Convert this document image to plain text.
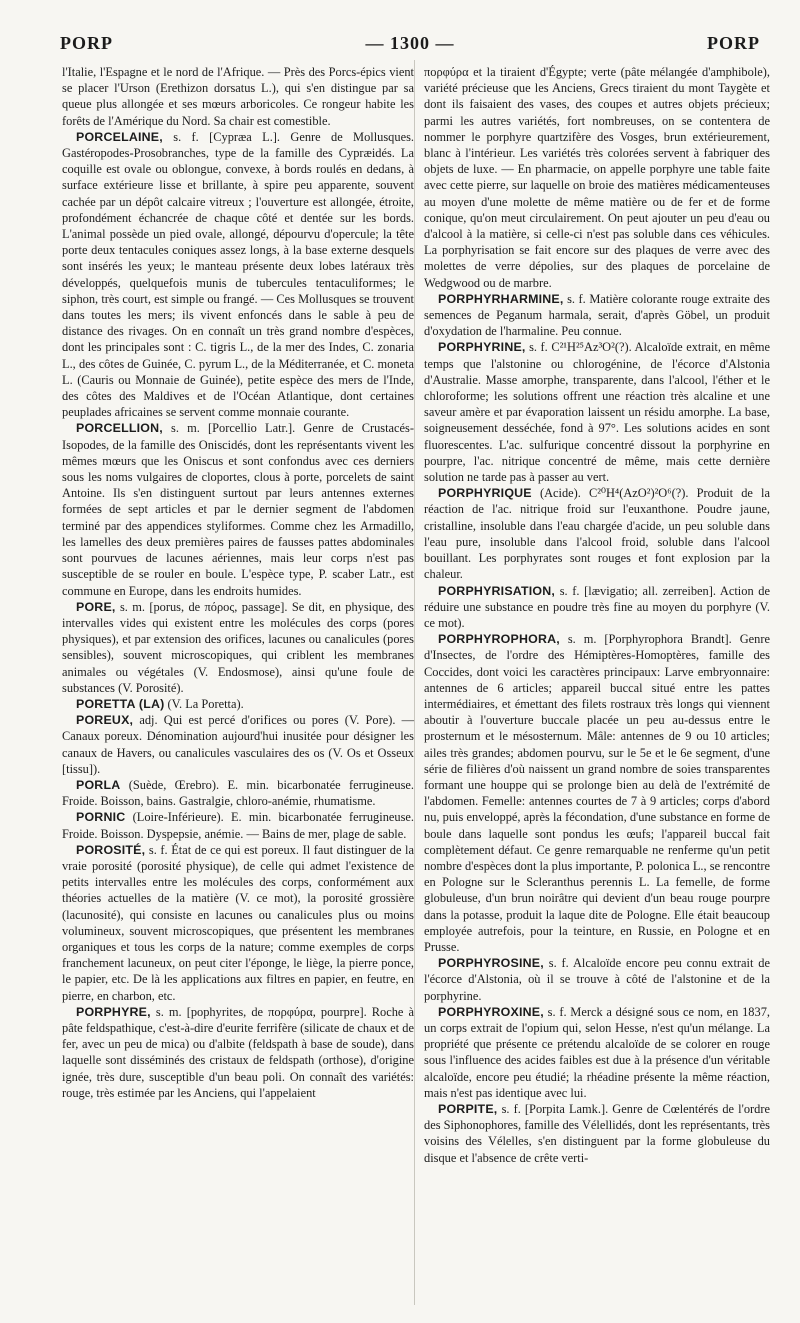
PORP	— 1300 —	PORP

l'Italie, l'Espagne et le nord de l'Afrique. — Près des Porcs-épics vient se placer l'Urson (Erethizon dorsatus L.), qui s'en distingue par sa queue plus allongée et ses mœurs arboricoles. Ce rongeur habite les forêts de l'Amérique du Nord. Sa chair est comestible.

PORCELAINE, s. f. [Cypræa L.]. Genre de Mollusques. Gastéropodes-Prosobranches, type de la famille des Cypræidés. La coquille est ovale ou oblongue, convexe, à bords roulés en dedans, à surface extérieure lisse et brillante, à spire peu apparente, souvent cachée par un dépôt calcaire vitreux ; l'ouverture est allongée, étroite, profondément échancrée de chaque côté et dentée sur les bords. L'animal possède un pied ovale, allongé, dépourvu d'opercule; la tête porte deux tentacules coniques assez longs, à la base externe desquels sont insérés les yeux; le manteau présente deux lobes latéraux très développés, quelquefois munis de tubercules tentaculiformes; le siphon, très court, est simple ou frangé. — Ces Mollusques se trouvent dans toutes les mers; ils vivent enfoncés dans le sable à peu de distance des rivages. On en connaît un très grand nombre d'espèces, dont les principales sont : C. tigris L., de la mer des Indes, C. zonaria L., des côtes de Guinée, C. pyrum L., de la Méditerranée, et C. moneta L. (Cauris ou Monnaie de Guinée), petite espèce des mers de l'Inde, des côtes des Maldives et de l'Océan Atlantique, dont certaines peuplades africaines se servent comme monnaie courante.

PORCELLION, s. m. [Porcellio Latr.]. Genre de Crustacés-Isopodes, de la famille des Oniscidés, dont les représentants vivent les mêmes mœurs que les Oniscus et sont confondus avec ces derniers sous les noms vulgaires de cloportes, clous à porte, porcelets de saint Antoine. Ils s'en distinguent surtout par leurs antennes externes formées de sept articles et par le dernier segment de l'abdomen terminé par des appendices styliformes. Comme chez les Armadillo, les lamelles des deux premières paires de fausses pattes abdominales sont pourvues de lacunes aériennes, mais leur corps n'est pas susceptible de se rouler en boule. L'espèce type, P. scaber Latr., est commune en Europe, dans les endroits humides.

PORE, s. m. [porus, de πόρος, passage]. Se dit, en physique, des intervalles vides qui existent entre les molécules des corps (pores physiques), et par extension des orifices, lacunes ou canalicules (pores sensibles), souvent microscopiques, qui criblent les membranes animales ou végétales (V. Endosmose), ainsi qu'une foule de substances (V. Porosité).

PORETTA (LA) (V. La Poretta).

POREUX, adj. Qui est percé d'orifices ou pores (V. Pore). — Canaux poreux. Dénomination aujourd'hui inusitée pour désigner les canaux de Havers, ou canalicules vasculaires des os (V. Os et Osseux [tissu]).

PORLA (Suède, Œrebro). E. min. bicarbonatée ferrugineuse. Froide. Boisson, bains. Gastralgie, chloro-anémie, rhumatisme.

PORNIC (Loire-Inférieure). E. min. bicarbonatée ferrugineuse. Froide. Boisson. Dyspepsie, anémie. — Bains de mer, plage de sable.

POROSITÉ, s. f. État de ce qui est poreux. Il faut distinguer de la vraie porosité (porosité physique), de celle qui admet l'existence de petits intervalles entre les molécules des corps, conformément aux théories actuelles de la matière (V. ce mot), la porosité grossière (lacunosité), qui consiste en lacunes ou canalicules plus ou moins volumineux, souvent microscopiques, que présentent les membranes organiques et tous les corps de la nature; comme exemples de corps franchement lacuneux, on peut citer l'éponge, le liège, la pierre ponce, le papier, etc. De là les applications aux filtres en papier, en feutre, en pierre, en charbon, etc.

PORPHYRE, s. m. [pophyrites, de πορφύρα, pourpre]. Roche à pâte feldspathique, c'est-à-dire d'eurite ferrifère (silicate de chaux et de fer, avec un peu de mica) ou d'albite (feldspath à base de soude), dans laquelle sont disséminés des cristaux de feldspath (orthose), d'origine ignée, très dure, susceptible d'un beau poli. On connaît des variétés: rouge, très estimée par les Anciens, qui l'appelaient

πορφύρα et la tiraient d'Égypte; verte (pâte mélangée d'amphibole), variété précieuse que les Anciens, Grecs tiraient du mont Taygète et dont ils faisaient des vases, des coupes et autres objets précieux; parmi les autres variétés, fort nombreuses, on se contentera de nommer le porphyre quartzifère des Vosges, brun extérieurement, blanc à l'intérieur. Les variétés très colorées servent à fabriquer des objets de luxe. — En pharmacie, on appelle porphyre une table faite avec cette pierre, sur laquelle on broie des matières médicamenteuses au moyen d'une molette de même matière ou de fer et de forme conique, qu'on meut circulairement. On peut ajouter un peu d'eau ou d'alcool à la matière, si celle-ci n'est pas soluble dans ces véhicules. La porphyrisation se fait encore sur des plaques de verre avec des molettes de verre dépolies, sur des plaques de porcelaine de Wedgwood ou de marbre.

PORPHYRHARMINE, s. f. Matière colorante rouge extraite des semences de Peganum harmala, serait, d'après Göbel, un produit d'oxydation de l'harmaline. Peu connue.

PORPHYRINE, s. f. C²¹H²⁵Az³O²(?). Alcaloïde extrait, en même temps que l'alstonine ou chlorogénine, de l'écorce d'Alstonia d'Australie. Masse amorphe, transparente, dans l'alcool, l'éther et le chloroforme; les solutions offrent une réaction très alcaline et une saveur amère et par évaporation laissent un résidu amorphe. La base, soigneusement desséchée, fond à 97°. Les solutions acides en sont fluorescentes. L'ac. sulfurique concentré dissout la porphyrine en pourpre, l'ac. nitrique concentré de même, mais cette dernière solution ne tarde pas à passer au vert.

PORPHYRIQUE (Acide). C²⁰H⁴(AzO²)²O⁶(?). Produit de la réaction de l'ac. nitrique froid sur l'euxanthone. Poudre jaune, cristalline, insoluble dans l'eau chargée d'acide, un peu soluble dans l'eau pure, insoluble dans l'alcool froid, soluble dans l'alcool bouillant. Les porphyrates sont rouges et font explosion par la chaleur.

PORPHYRISATION, s. f. [lævigatio; all. zerreiben]. Action de réduire une substance en poudre très fine au moyen du porphyre (V. ce mot).

PORPHYROPHORA, s. m. [Porphyrophora Brandt]. Genre d'Insectes, de l'ordre des Hémiptères-Homoptères, famille des Coccides, dont voici les caractères principaux: Larve embryonnaire: antennes de 6 articles; appareil buccal situé entre les pattes intermédiaires, et émettant des filets rostraux très longs qui viennent aboutir à l'ouverture buccale placée un peu au-dessus entre le prosternum et le mésosternum. Mâle: antennes de 9 ou 10 articles; ailes très grandes; abdomen pourvu, sur le 5e et le 6e segment, d'une série de filières d'où naissent un grand nombre de soies transparentes formant une houppe qui se prolonge bien au delà de l'extrémité de l'abdomen. Femelle: antennes courtes de 7 à 9 articles; corps d'abord nu, puis enveloppé, après la fécondation, d'une substance en forme de boule dans laquelle sont pondus les œufs; l'appareil buccal fait complètement défaut. Ce genre remarquable ne renferme qu'un petit nombre d'espèces dont la plus importante, P. polonica L., se rencontre en Pologne sur le Scleranthus perennis L. La femelle, de forme globuleuse, d'un brun noirâtre qui devient d'un beau rouge pourpre dans la potasse, produit la laque dite de Pologne. Elle était beaucoup employée autrefois, pour la teinture, en Russie, en Pologne et en Prusse.

PORPHYROSINE, s. f. Alcaloïde encore peu connu extrait de l'écorce d'Alstonia, où il se trouve à côté de l'alstonine et de la porphyrine.

PORPHYROXINE, s. f. Merck a désigné sous ce nom, en 1837, un corps extrait de l'opium qui, selon Hesse, n'est qu'un mélange. La propriété que présente ce prétendu alcaloïde de se colorer en rouge sous l'influence des acides faibles est due à la présence d'un véritable alcaloïde, encore peu étudié; la rhéadine présente la même réaction, mais n'est pas identique avec lui.

PORPITE, s. f. [Porpita Lamk.]. Genre de Cœlentérés de l'ordre des Siphonophores, famille des Vélellidés, dont les représentants, très voisins des Vélelles, s'en distinguent par la forme globuleuse du disque et l'absence de crête verti-
